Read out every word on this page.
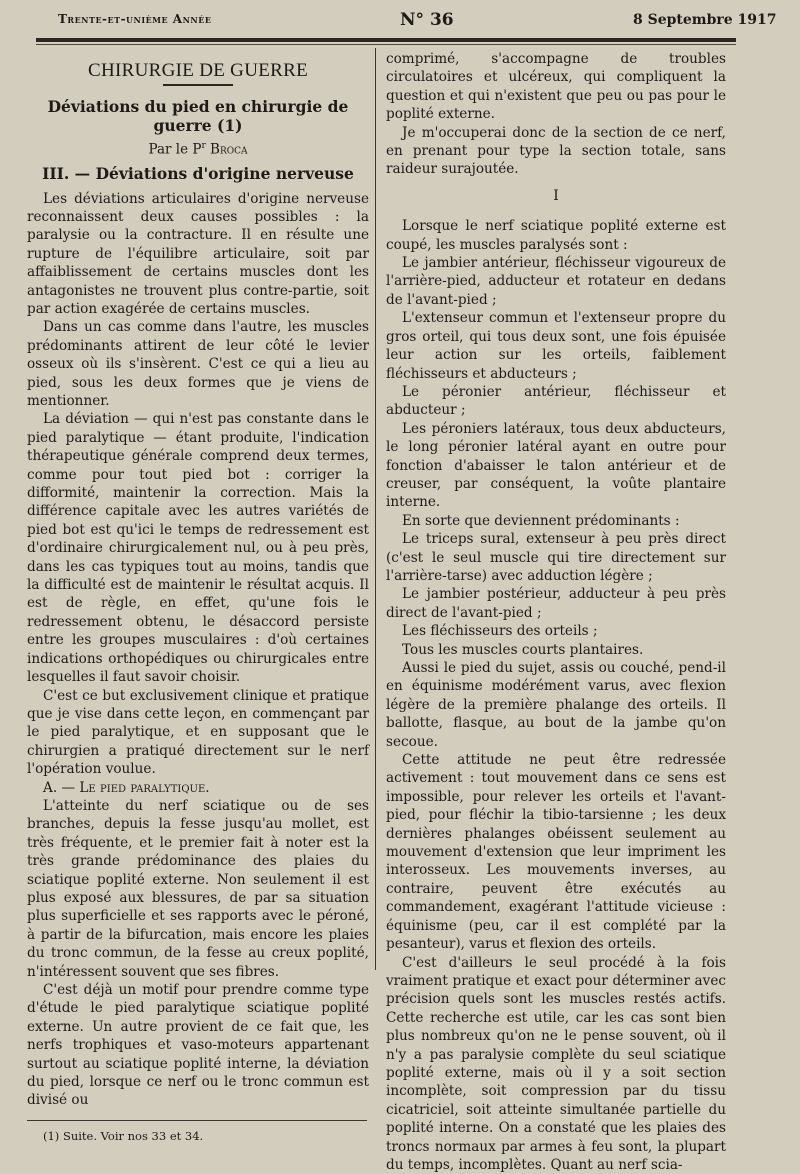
Trente-et-unième Année	N° 36	8 Septembre 1917
CHIRURGIE DE GUERRE
Déviations du pied en chirurgie de guerre (1)
Par le $P^r$ Broca
III. — Déviations d'origine nerveuse

Les déviations articulaires d'origine nerveuse reconnaissent deux causes possibles : la paralysie ou la contracture. Il en résulte une rupture de l'équilibre articulaire, soit par affaiblissement de certains muscles dont les antagonistes ne trouvent plus contre-partie, soit par action exagérée de certains muscles.

Dans un cas comme dans l'autre, les muscles prédominants attirent de leur côté le levier osseux où ils s'insèrent. C'est ce qui a lieu au pied, sous les deux formes que je viens de mentionner.

La déviation — qui n'est pas constante dans le pied paralytique — étant produite, l'indication thérapeutique générale comprend deux termes, comme pour tout pied bot : corriger la difformité, maintenir la correction. Mais la différence capitale avec les autres variétés de pied bot est qu'ici le temps de redressement est d'ordinaire chirurgicalement nul, ou à peu près, dans les cas typiques tout au moins, tandis que la difficulté est de maintenir le résultat acquis. Il est de règle, en effet, qu'une fois le redressement obtenu, le désaccord persiste entre les groupes musculaires : d'où certaines indications orthopédiques ou chirurgicales entre lesquelles il faut savoir choisir.

C'est ce but exclusivement clinique et pratique que je vise dans cette leçon, en commençant par le pied paralytique, et en supposant que le chirurgien a pratiqué directement sur le nerf l'opération voulue.

A. — Le pied paralytique.

L'atteinte du nerf sciatique ou de ses branches, depuis la fesse jusqu'au mollet, est très fréquente, et le premier fait à noter est la très grande prédominance des plaies du sciatique poplité externe. Non seulement il est plus exposé aux blessures, de par sa situation plus superficielle et ses rapports avec le péroné, à partir de la bifurcation, mais encore les plaies du tronc commun, de la fesse au creux poplité, n'intéressent souvent que ses fibres.

C'est déjà un motif pour prendre comme type d'étude le pied paralytique sciatique poplité externe. Un autre provient de ce fait que, les nerfs trophiques et vaso-moteurs appartenant surtout au sciatique poplité interne, la déviation du pied, lorsque ce nerf ou le tronc commun est divisé ou

(1) Suite. Voir nos 33 et 34.

comprimé, s'accompagne de troubles circulatoires et ulcéreux, qui compliquent la question et qui n'existent que peu ou pas pour le poplité externe.

Je m'occuperai donc de la section de ce nerf, en prenant pour type la section totale, sans raideur surajoutée.

I

Lorsque le nerf sciatique poplité externe est coupé, les muscles paralysés sont :

Le jambier antérieur, fléchisseur vigoureux de l'arrière-pied, adducteur et rotateur en dedans de l'avant-pied ;

L'extenseur commun et l'extenseur propre du gros orteil, qui tous deux sont, une fois épuisée leur action sur les orteils, faiblement fléchisseurs et abducteurs ;

Le péronier antérieur, fléchisseur et abducteur ;

Les péroniers latéraux, tous deux abducteurs, le long péronier latéral ayant en outre pour fonction d'abaisser le talon antérieur et de creuser, par conséquent, la voûte plantaire interne.

En sorte que deviennent prédominants :

Le triceps sural, extenseur à peu près direct (c'est le seul muscle qui tire directement sur l'arrière-tarse) avec adduction légère ;

Le jambier postérieur, adducteur à peu près direct de l'avant-pied ;

Les fléchisseurs des orteils ;

Tous les muscles courts plantaires.

Aussi le pied du sujet, assis ou couché, pend-il en équinisme modérément varus, avec flexion légère de la première phalange des orteils. Il ballotte, flasque, au bout de la jambe qu'on secoue.

Cette attitude ne peut être redressée activement : tout mouvement dans ce sens est impossible, pour relever les orteils et l'avant-pied, pour fléchir la tibio-tarsienne ; les deux dernières phalanges obéissent seulement au mouvement d'extension que leur impriment les interosseux. Les mouvements inverses, au contraire, peuvent être exécutés au commandement, exagérant l'attitude vicieuse : équinisme (peu, car il est complété par la pesanteur), varus et flexion des orteils.

C'est d'ailleurs le seul procédé à la fois vraiment pratique et exact pour déterminer avec précision quels sont les muscles restés actifs. Cette recherche est utile, car les cas sont bien plus nombreux qu'on ne le pense souvent, où il n'y a pas paralysie complète du seul sciatique poplité externe, mais où il y a soit section incomplète, soit compression par du tissu cicatriciel, soit atteinte simultanée partielle du poplité interne. On a constaté que les plaies des troncs normaux par armes à feu sont, la plupart du temps, incomplètes. Quant au nerf scia-
